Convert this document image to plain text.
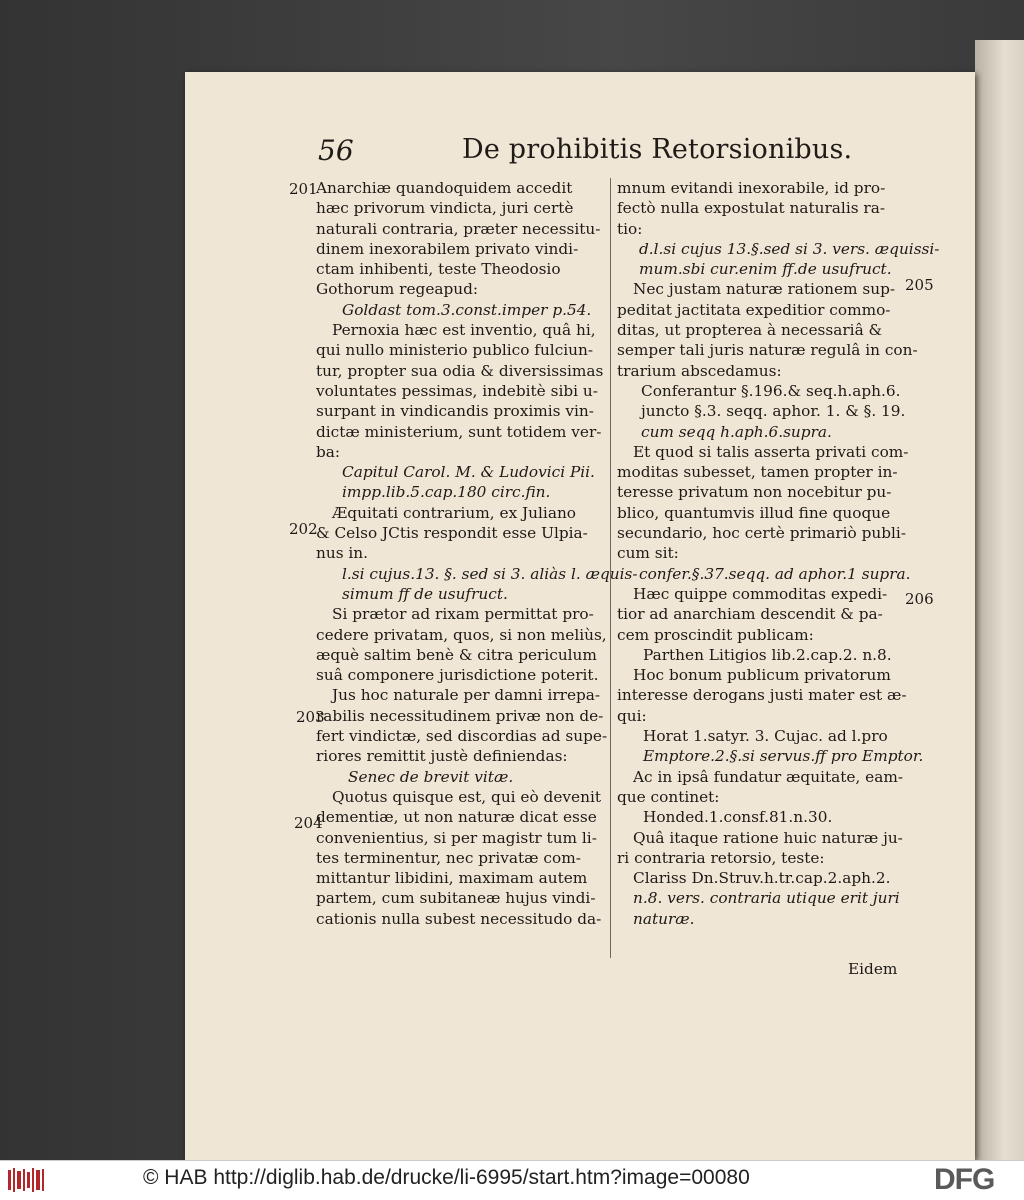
56	De prohibitis Retorsionibus.
201
202
203
204
205
206

Anarchiæ quandoquidem accedit

hæc privorum vindicta, juri certè

naturali contraria, præter necessitu-

dinem inexorabilem privato vindi-

ctam inhibenti, teste Theodosio

Gothorum regeapud:

Goldast tom.3.const.imper p.54.

Pernoxia hæc est inventio, quâ hi,

qui nullo ministerio publico fulciun-

tur, propter sua odia & diversissimas

voluntates pessimas, indebitè sibi u-

surpant in vindicandis proximis vin-

dictæ ministerium, sunt totidem ver-

ba:

Capitul Carol. M. & Ludovici Pii.

impp.lib.5.cap.180 circ.fin.

Æquitati contrarium, ex Juliano

& Celso JCtis respondit esse Ulpia-

nus in.

l.si cujus.13. §. sed si 3. aliàs l. æquis-

simum ff de usufruct.

Si prætor ad rixam permittat pro-

cedere privatam, quos, si non meliùs,

æquè saltim benè & citra periculum

suâ componere jurisdictione poterit.

Jus hoc naturale per damni irrepa-

rabilis necessitudinem privæ non de-

fert vindictæ, sed discordias ad supe-

riores remittit justè definiendas:

Senec de brevit vitæ.

Quotus quisque est, qui eò devenit

dementiæ, ut non naturæ dicat esse

convenientius, si per magistr tum li-

tes terminentur, nec privatæ com-

mittantur libidini, maximam autem

partem, cum subitaneæ hujus vindi-

cationis nulla subest necessitudo da-

mnum evitandi inexorabile, id pro-

fectò nulla expostulat naturalis ra-

tio:

d.l.si cujus 13.§.sed si 3. vers. æquissi-

mum.sbi cur.enim ff.de usufruct.

Nec justam naturæ rationem sup-

peditat jactitata expeditior commo-

ditas, ut propterea à necessariâ &

semper tali juris naturæ regulâ in con-

trarium abscedamus:

Conferantur §.196.& seq.h.aph.6.

juncto §.3. seqq. aphor. 1. & §. 19.

cum seqq h.aph.6.supra.

Et quod si talis asserta privati com-

moditas subesset, tamen propter in-

teresse privatum non nocebitur pu-

blico, quantumvis illud fine quoque

secundario, hoc certè primariò publi-

cum sit:

confer.§.37.seqq. ad aphor.1 supra.

Hæc quippe commoditas expedi-

tior ad anarchiam descendit & pa-

cem proscindit publicam:

Parthen Litigios lib.2.cap.2. n.8.

Hoc bonum publicum privatorum

interesse derogans justi mater est æ-

qui:

Horat 1.satyr. 3. Cujac. ad l.pro

Emptore.2.§.si servus.ff pro Emptor.

Ac in ipsâ fundatur æquitate, eam-

que continet:

Honded.1.consf.81.n.30.

Quâ itaque ratione huic naturæ ju-

ri contraria retorsio, teste:

Clariss Dn.Struv.h.tr.cap.2.aph.2.

n.8. vers. contraria utique erit juri

naturæ.

Eidem
© HAB http://diglib.hab.de/drucke/li-6995/start.htm?image=00080	DFG
